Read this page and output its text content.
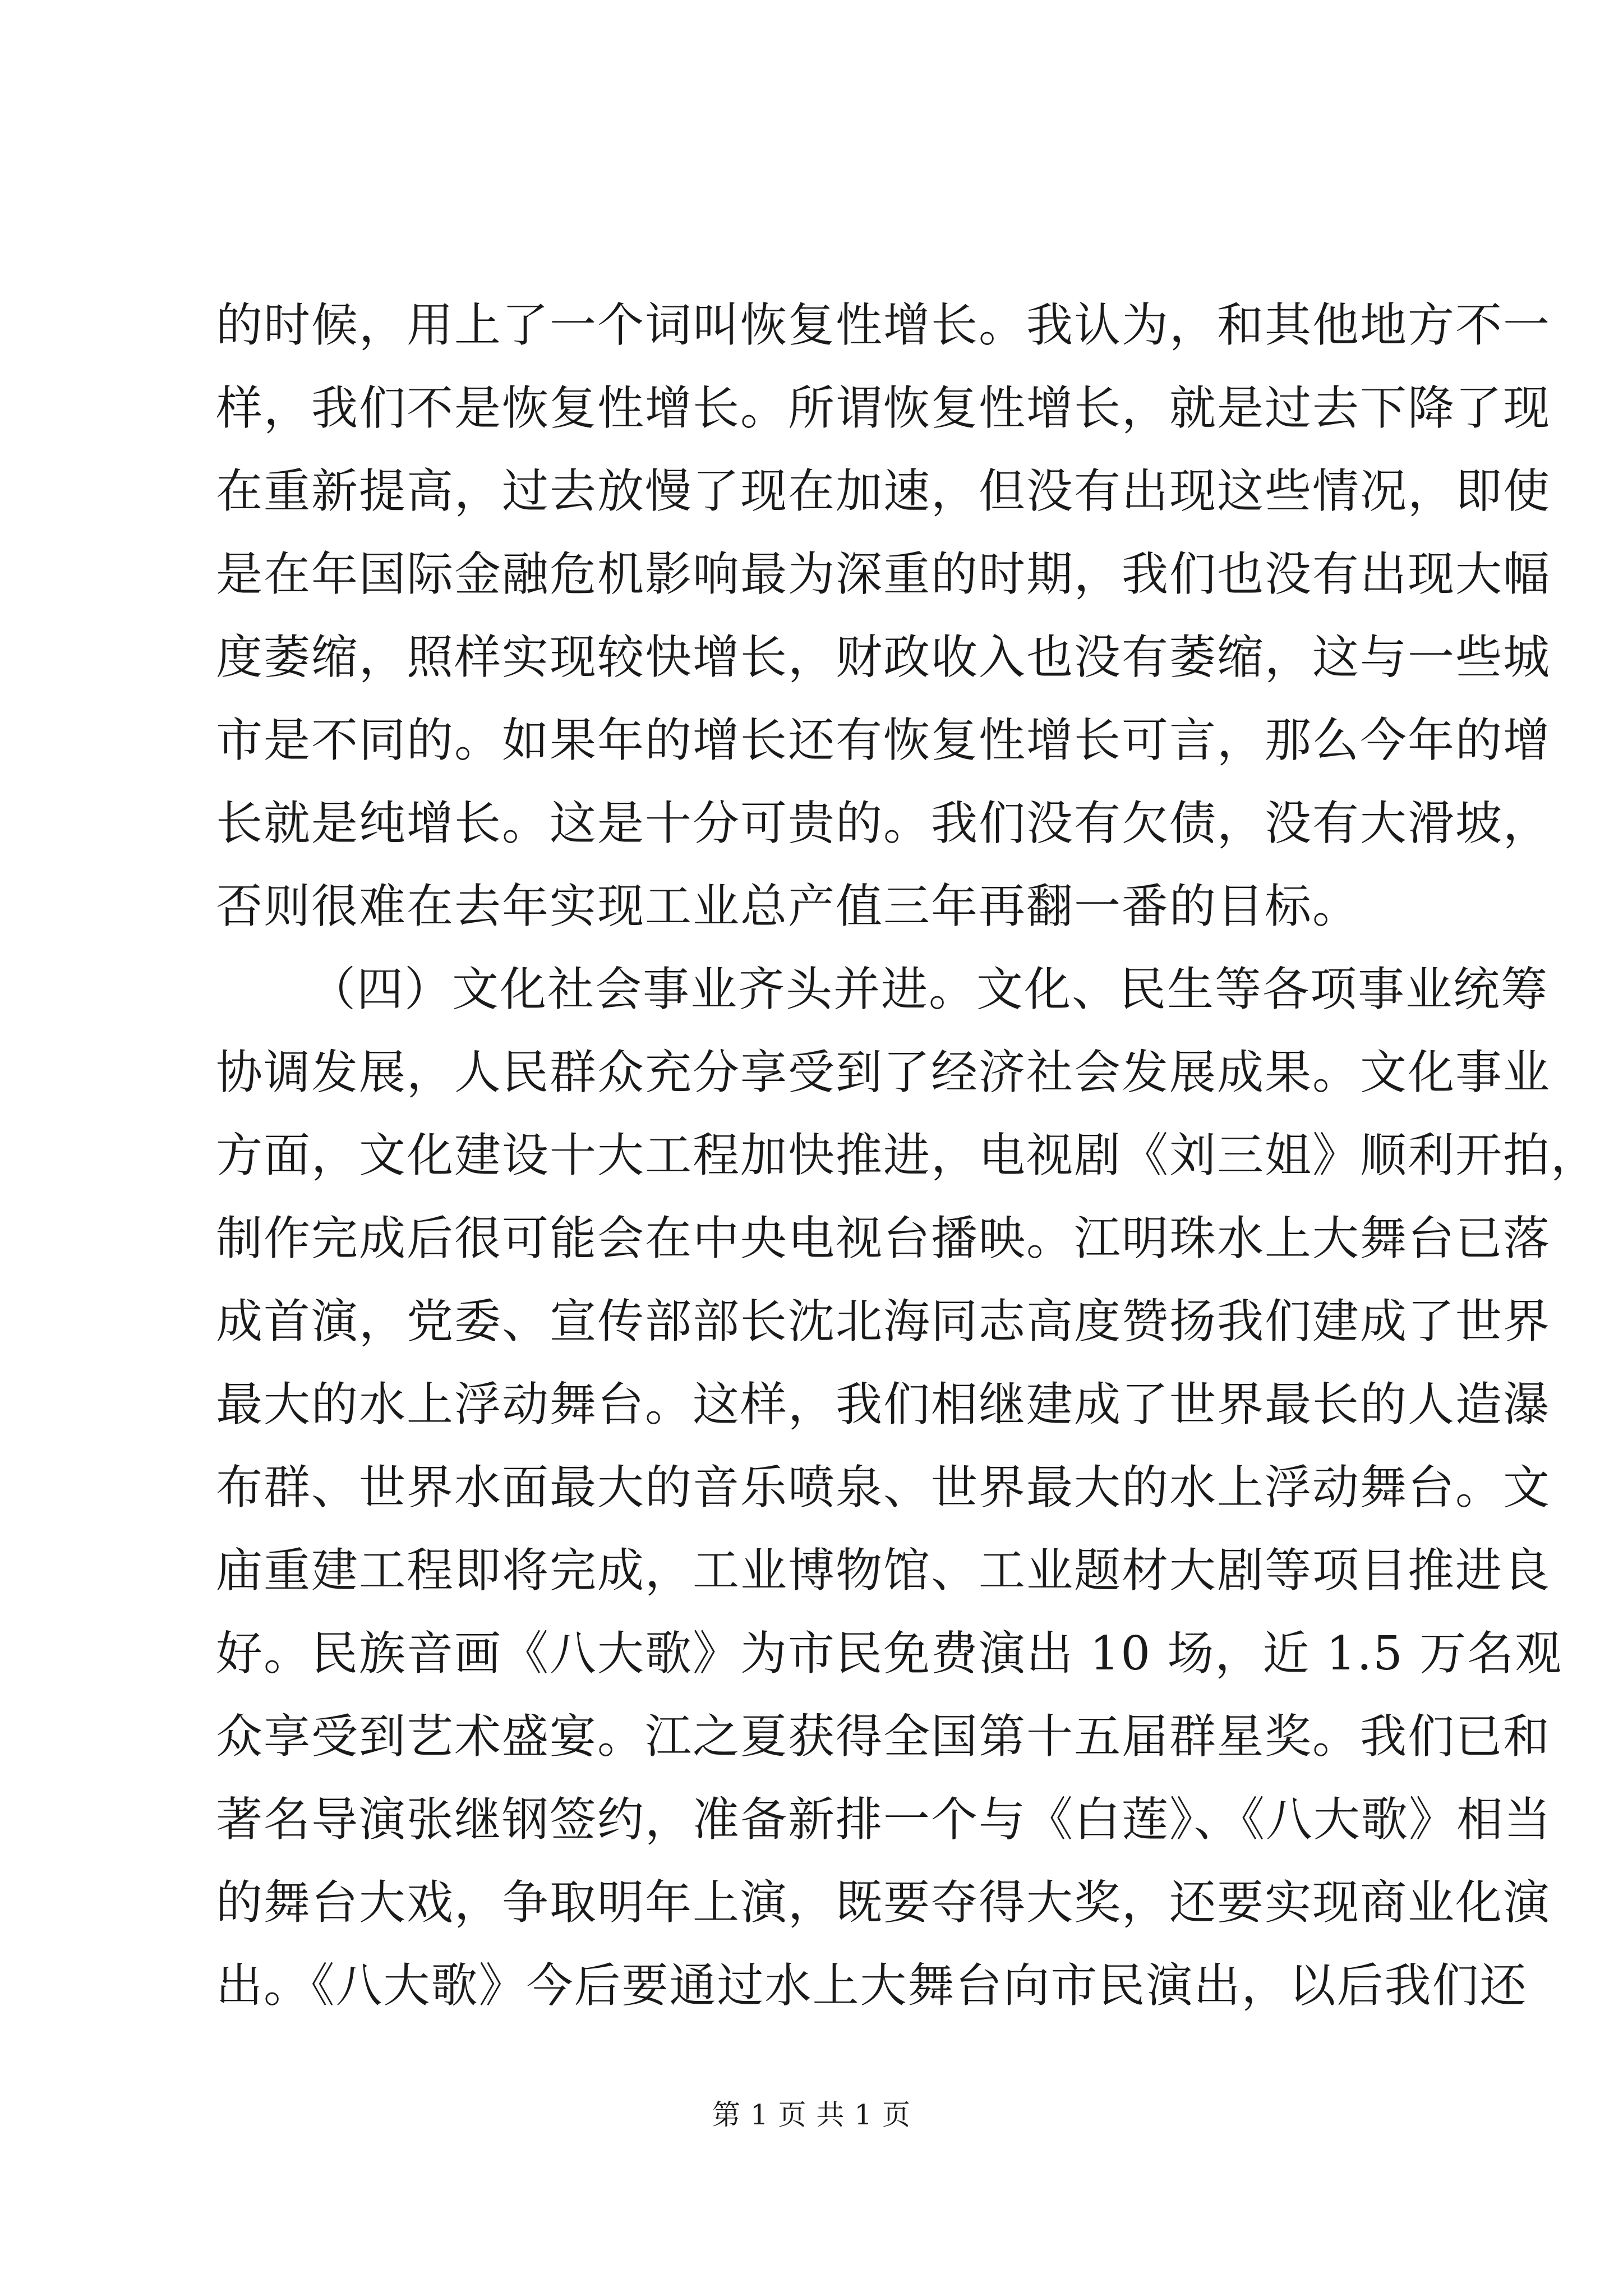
的时候，用上了一个词叫恢复性增长。我认为，和其他地方不一
样，我们不是恢复性增长。所谓恢复性增长，就是过去下降了现
在重新提高，过去放慢了现在加速，但没有出现这些情况，即使
是在年国际金融危机影响最为深重的时期，我们也没有出现大幅
度萎缩，照样实现较快增长，财政收入也没有萎缩，这与一些城
市是不同的。如果年的增长还有恢复性增长可言，那么今年的增
长就是纯增长。这是十分可贵的。我们没有欠债，没有大滑坡，
否则很难在去年实现工业总产值三年再翻一番的目标。
（四）文化社会事业齐头并进。文化、民生等各项事业统筹
协调发展，人民群众充分享受到了经济社会发展成果。文化事业
方面，文化建设十大工程加快推进，电视剧《刘三姐》顺利开拍，
制作完成后很可能会在中央电视台播映。江明珠水上大舞台已落
成首演，党委、宣传部部长沈北海同志高度赞扬我们建成了世界
最大的水上浮动舞台。这样，我们相继建成了世界最长的人造瀑
布群、世界水面最大的音乐喷泉、世界最大的水上浮动舞台。文
庙重建工程即将完成，工业博物馆、工业题材大剧等项目推进良
好。民族音画《八大歌》为市民免费演出 10 场，近 1.5 万名观
众享受到艺术盛宴。江之夏获得全国第十五届群星奖。我们已和
著名导演张继钢签约，准备新排一个与《白莲》、《八大歌》相当
的舞台大戏，争取明年上演，既要夺得大奖，还要实现商业化演
出。《八大歌》今后要通过水上大舞台向市民演出，以后我们还
第 1 页 共 1 页
